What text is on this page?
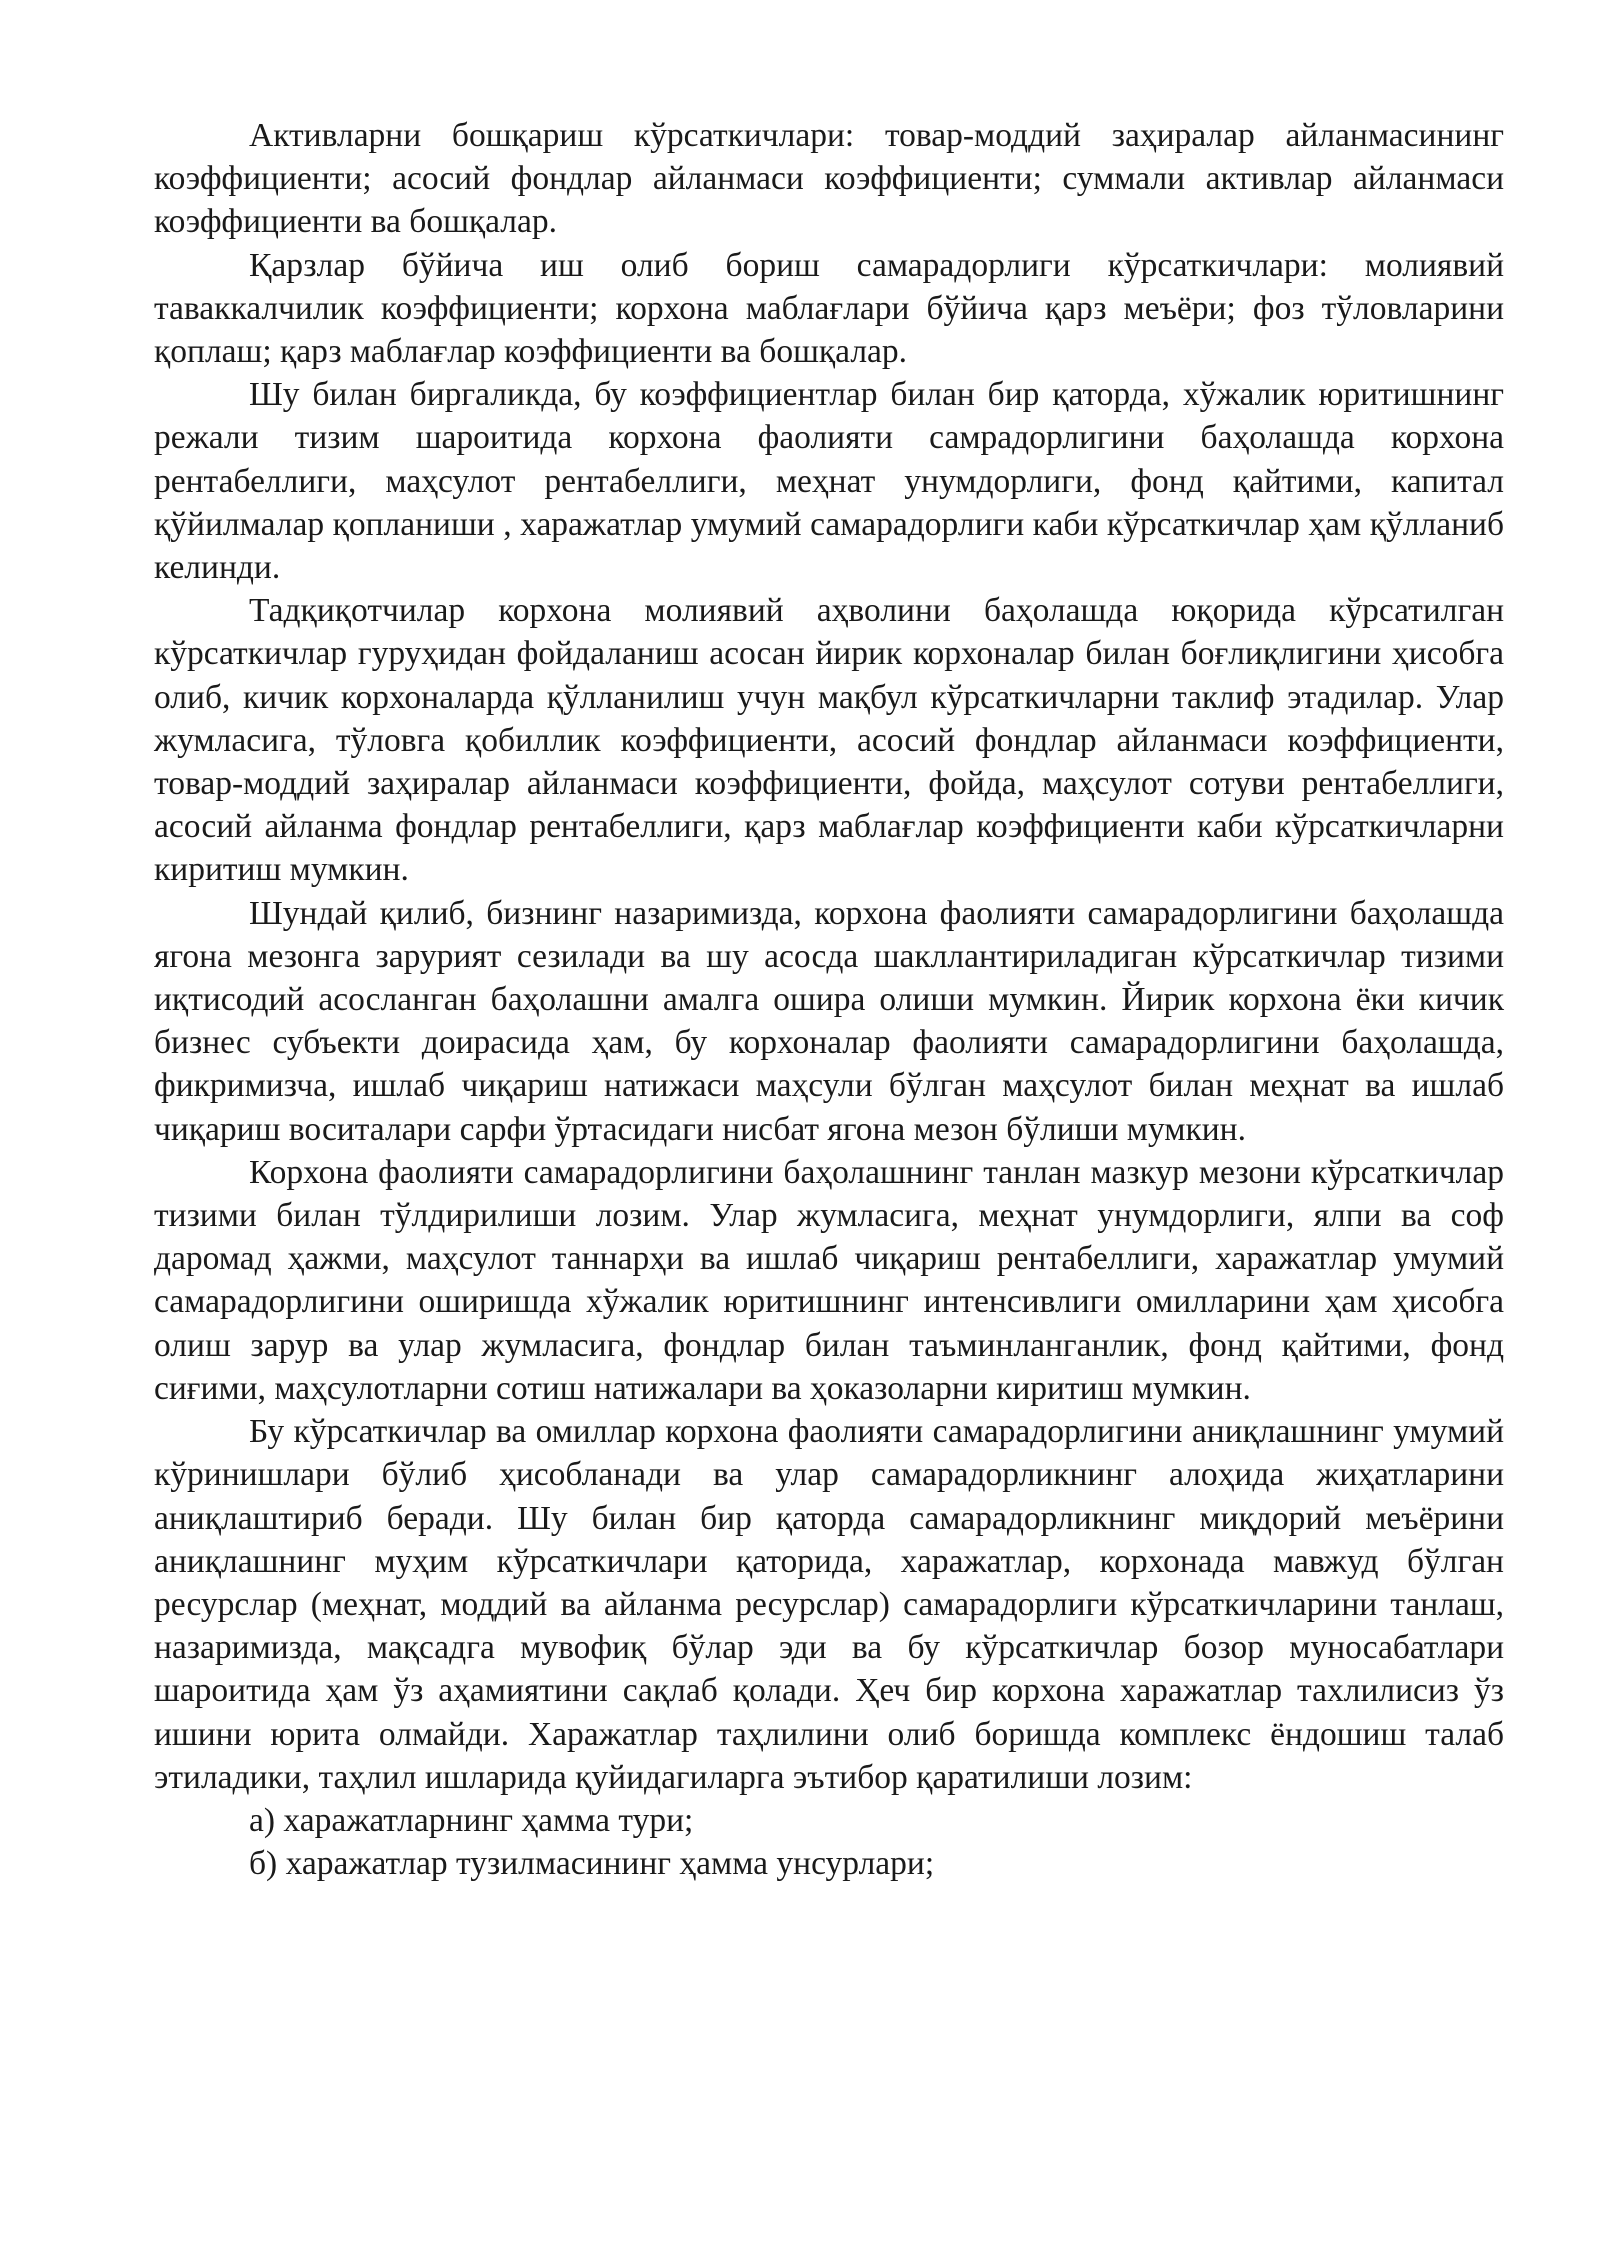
Активларни бошқариш кўрсаткичлари: товар-моддий заҳиралар айланмасининг коэффициенти; асосий фондлар айланмаси коэффициенти; суммали активлар айланмаси коэффициенти ва бошқалар.

Қарзлар бўйича иш олиб бориш самарадорлиги кўрсаткичлари: молиявий таваккалчилик коэффициенти; корхона маблағлари бўйича қарз меъёри; фоз тўловларини қоплаш; қарз маблағлар коэффициенти ва бошқалар.

Шу билан биргаликда, бу коэффициентлар билан бир қаторда, хўжалик юритишнинг режали тизим шароитида корхона фаолияти самрадорлигини баҳолашда корхона рентабеллиги, маҳсулот рентабеллиги, меҳнат унумдорлиги, фонд қайтими, капитал қўйилмалар қопланиши , харажатлар умумий самарадорлиги каби кўрсаткичлар ҳам қўлланиб келинди.

Тадқиқотчилар корхона молиявий аҳволини баҳолашда юқорида кўрсатилган кўрсаткичлар гуруҳидан фойдаланиш асосан йирик корхоналар билан боғлиқлигини ҳисобга олиб, кичик корхоналарда қўлланилиш учун мақбул кўрсаткичларни таклиф этадилар. Улар жумласига, тўловга қобиллик коэффициенти, асосий фондлар айланмаси коэффициенти, товар-моддий заҳиралар айланмаси коэффициенти, фойда, маҳсулот сотуви рентабеллиги, асосий айланма фондлар рентабеллиги, қарз маблағлар коэффициенти каби кўрсаткичларни киритиш мумкин.

Шундай қилиб, бизнинг назаримизда, корхона фаолияти самарадорлигини баҳолашда ягона мезонга зарурият сезилади ва шу асосда шакллантириладиган кўрсаткичлар тизими иқтисодий асосланган баҳолашни амалга ошира олиши мумкин. Йирик корхона ёки кичик бизнес субъекти доирасида ҳам, бу корхоналар фаолияти самарадорлигини баҳолашда, фикримизча, ишлаб чиқариш натижаси маҳсули бўлган маҳсулот билан меҳнат ва ишлаб чиқариш воситалари сарфи ўртасидаги нисбат ягона мезон бўлиши мумкин.

Корхона фаолияти самарадорлигини баҳолашнинг танлан мазкур мезони кўрсаткичлар тизими билан тўлдирилиши лозим. Улар жумласига, меҳнат унумдорлиги, ялпи ва соф даромад ҳажми, маҳсулот таннарҳи ва ишлаб чиқариш рентабеллиги, харажатлар умумий самарадорлигини оширишда хўжалик юритишнинг интенсивлиги омилларини ҳам ҳисобга олиш зарур ва улар жумласига, фондлар билан таъминланганлик, фонд қайтими, фонд сиғими, маҳсулотларни сотиш натижалари ва ҳоказоларни киритиш мумкин.

Бу кўрсаткичлар ва омиллар корхона фаолияти самарадорлигини аниқлашнинг умумий кўринишлари бўлиб ҳисобланади ва улар самарадорликнинг алоҳида жиҳатларини аниқлаштириб беради. Шу билан бир қаторда самарадорликнинг миқдорий меъёрини аниқлашнинг муҳим кўрсаткичлари қаторида, харажатлар, корхонада мавжуд бўлган ресурслар (меҳнат, моддий ва айланма ресурслар) самарадорлиги кўрсаткичларини танлаш, назаримизда, мақсадга мувофиқ бўлар эди ва бу кўрсаткичлар бозор муносабатлари шароитида ҳам ўз аҳамиятини сақлаб қолади. Ҳеч бир корхона харажатлар тахлилисиз ўз ишини юрита олмайди. Харажатлар таҳлилини олиб боришда комплекс ёндошиш талаб этиладики, таҳлил ишларида қуйидагиларга эътибор қаратилиши лозим:

а) харажатларнинг ҳамма тури;

б) харажатлар тузилмасининг ҳамма унсурлари;
